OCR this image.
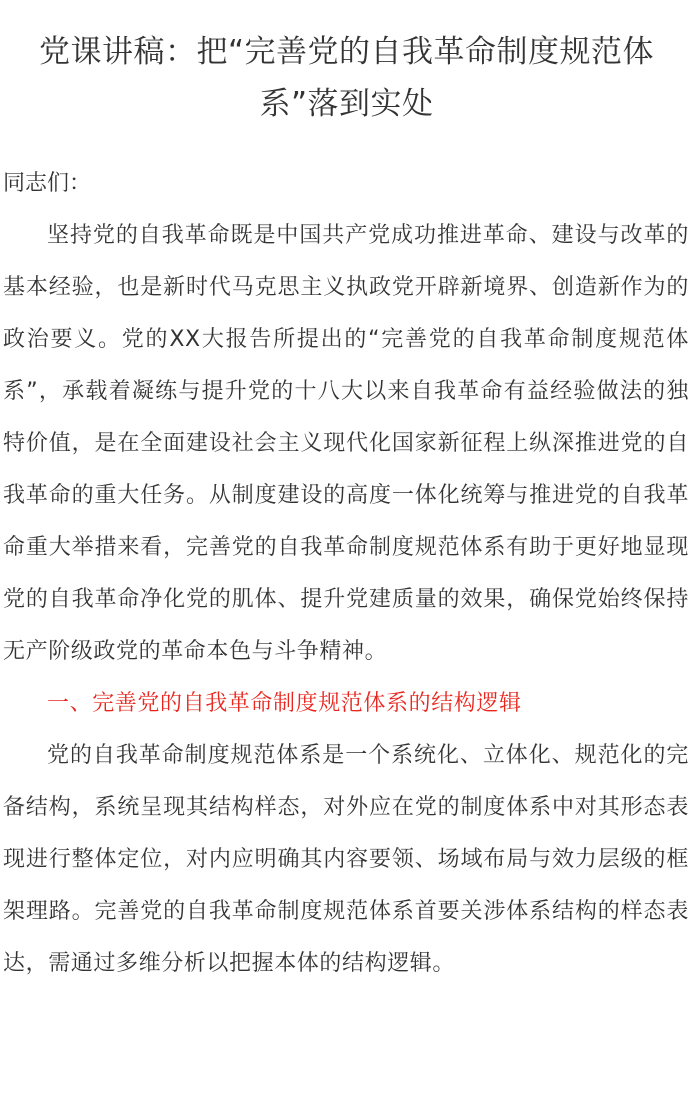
党课讲稿：把“完善党的自我革命制度规范体系”落到实处

同志们：

坚持党的自我革命既是中国共产党成功推进革命、建设与改革的基本经验，也是新时代马克思主义执政党开辟新境界、创造新作为的政治要义。党的XX大报告所提出的“完善党的自我革命制度规范体系”，承载着凝练与提升党的十八大以来自我革命有益经验做法的独特价值，是在全面建设社会主义现代化国家新征程上纵深推进党的自我革命的重大任务。从制度建设的高度一体化统筹与推进党的自我革命重大举措来看，完善党的自我革命制度规范体系有助于更好地显现党的自我革命净化党的肌体、提升党建质量的效果，确保党始终保持无产阶级政党的革命本色与斗争精神。

一、完善党的自我革命制度规范体系的结构逻辑

党的自我革命制度规范体系是一个系统化、立体化、规范化的完备结构，系统呈现其结构样态，对外应在党的制度体系中对其形态表现进行整体定位，对内应明确其内容要领、场域布局与效力层级的框架理路。完善党的自我革命制度规范体系首要关涉体系结构的样态表达，需通过多维分析以把握本体的结构逻辑。
